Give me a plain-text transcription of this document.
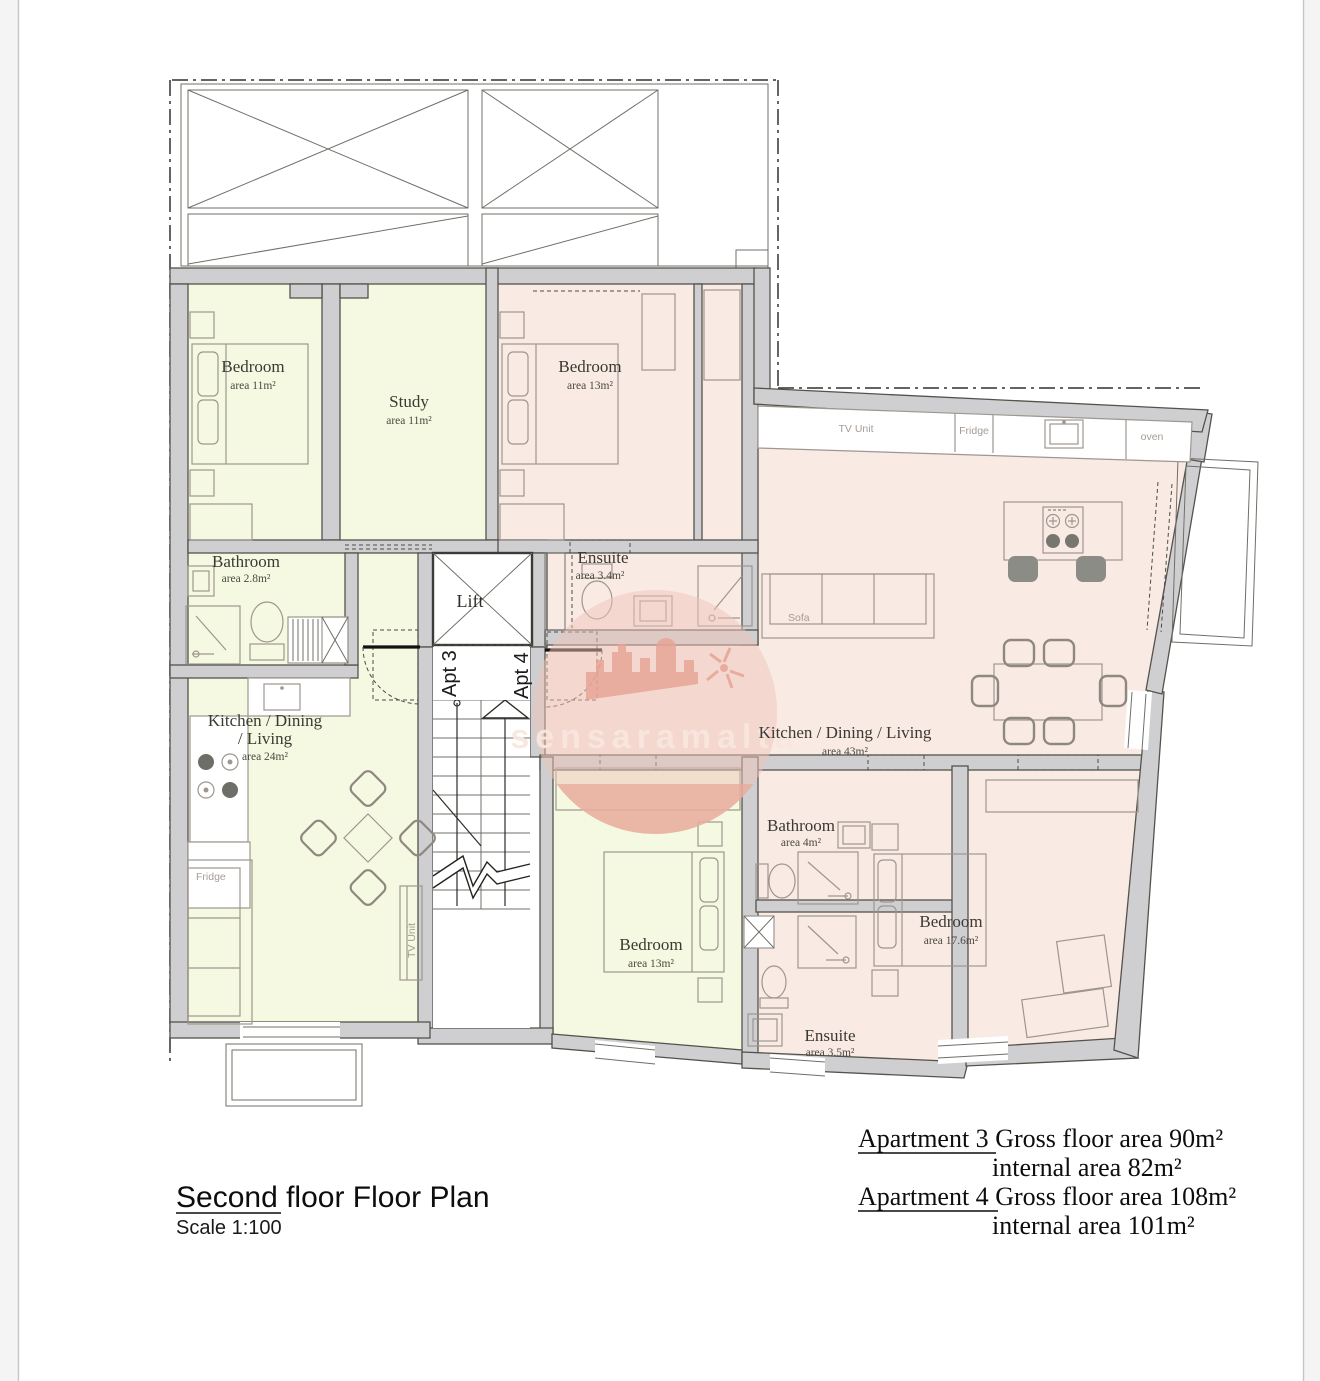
Fridge
TV Unit
TV Unit	Fridge	oven
Sofa
sensaramalta
Bedroom
area 11m²
Study
area 11m²
Bathroom
area 2.8m²
Kitchen / Dining
/ Living
area 24m²
Bedroom
area 13m²
Bedroom
area 13m²
Ensuite
area 3.4m²
Kitchen / Dining / Living
area 43m²
Bathroom
area 4m²
Bedroom
area 17.6m²
Ensuite
area 3.5m²
Lift
Apt 3	Apt 4
Second floor Floor Plan
Scale 1:100
Apartment 3 Gross floor area 90m²
internal area 82m²
Apartment 4 Gross floor area 108m²
internal area 101m²
